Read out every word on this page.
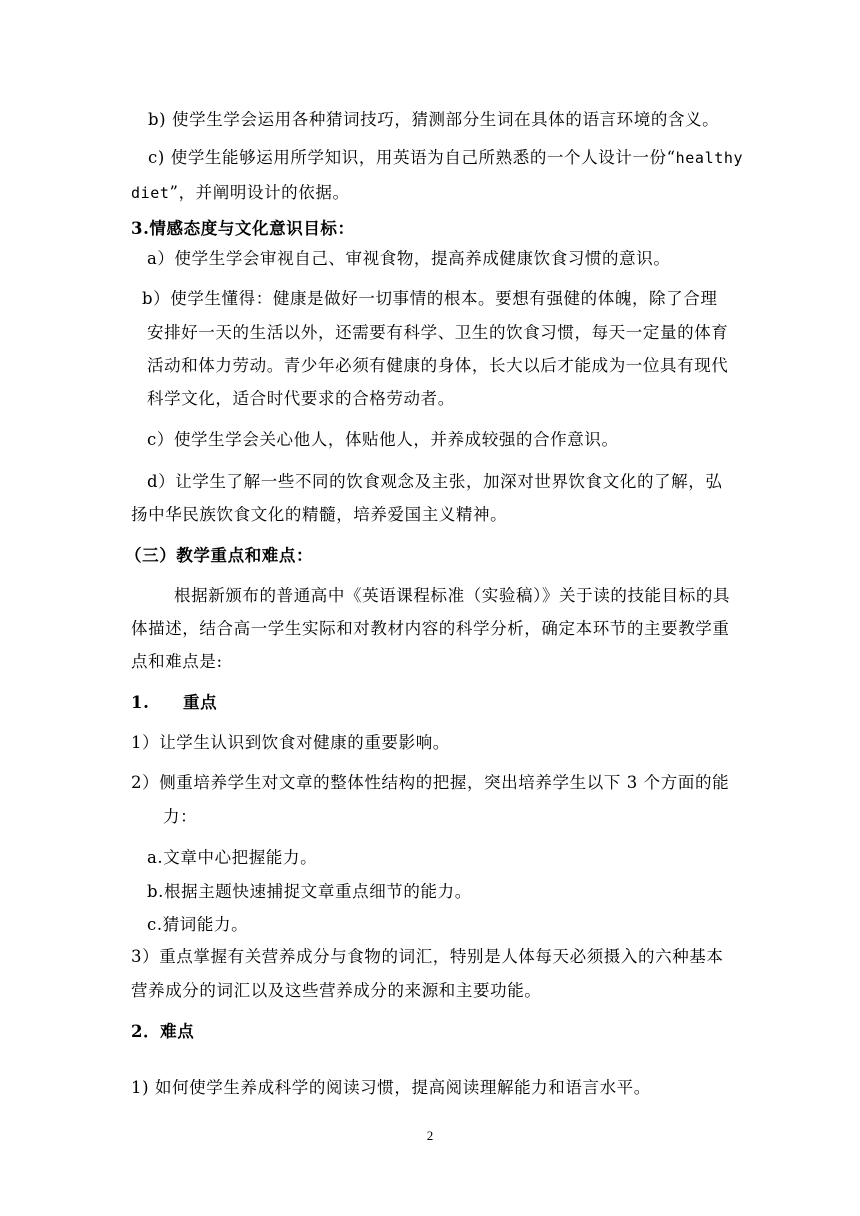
b) 使学生学会运用各种猜词技巧，猜测部分生词在具体的语言环境的含义。
c) 使学生能够运用所学知识，用英语为自己所熟悉的一个人设计一份“healthy
diet”，并阐明设计的依据。
3.情感态度与文化意识目标：
a）使学生学会审视自己、审视食物，提高养成健康饮食习惯的意识。
b）使学生懂得：健康是做好一切事情的根本。要想有强健的体魄，除了合理
安排好一天的生活以外，还需要有科学、卫生的饮食习惯，每天一定量的体育
活动和体力劳动。青少年必须有健康的身体，长大以后才能成为一位具有现代
科学文化，适合时代要求的合格劳动者。
c）使学生学会关心他人，体贴他人，并养成较强的合作意识。
d）让学生了解一些不同的饮食观念及主张，加深对世界饮食文化的了解，弘
扬中华民族饮食文化的精髓，培养爱国主义精神。
（三）教学重点和难点：
根据新颁布的普通高中《英语课程标准（实验稿）》关于读的技能目标的具
体描述，结合高一学生实际和对教材内容的科学分析，确定本环节的主要教学重
点和难点是:
1. 重点
1）让学生认识到饮食对健康的重要影响。
2）侧重培养学生对文章的整体性结构的把握，突出培养学生以下 3 个方面的能
力：
a.文章中心把握能力。
b.根据主题快速捕捉文章重点细节的能力。
c.猜词能力。
3）重点掌握有关营养成分与食物的词汇，特别是人体每天必须摄入的六种基本
营养成分的词汇以及这些营养成分的来源和主要功能。
2．难点
1) 如何使学生养成科学的阅读习惯，提高阅读理解能力和语言水平。
2
